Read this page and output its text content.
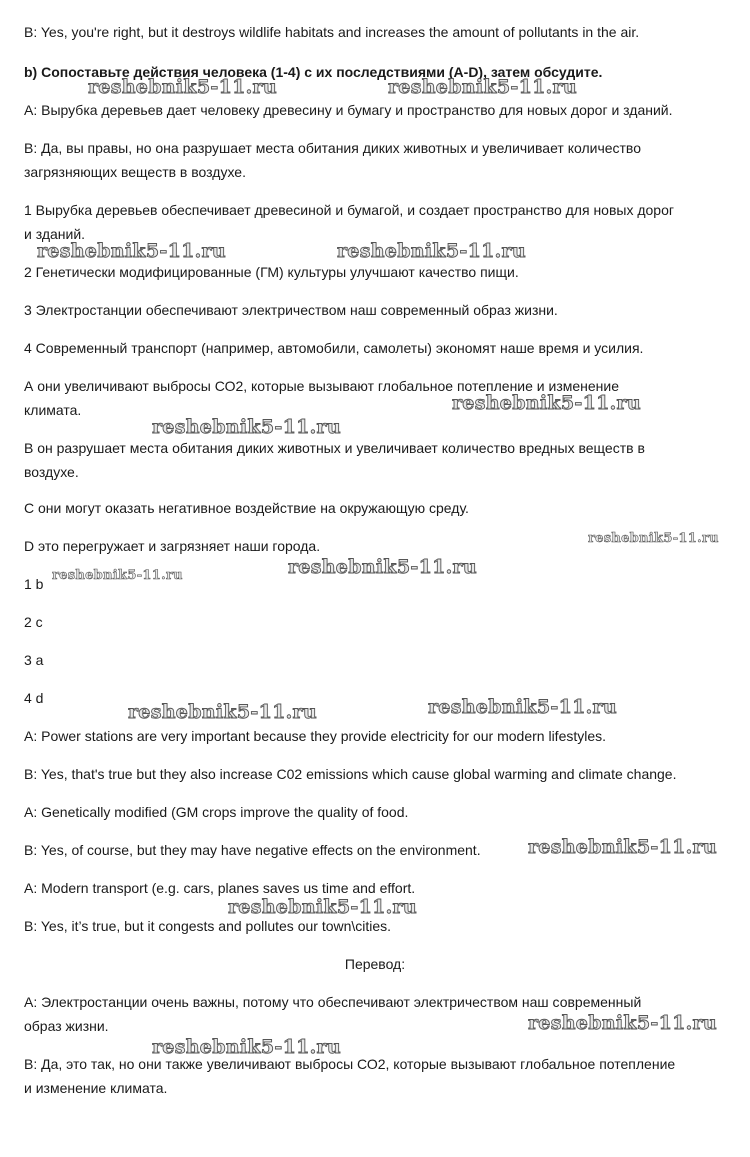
B: Yes, you're right, but it destroys wildlife habitats and increases the amount of pollutants in the air.
b) Сопоставьте действия человека (1-4) с их последствиями (A-D), затем обсудите.
А: Вырубка деревьев дает человеку древесину и бумагу и пространство для новых дорог и зданий.
В: Да, вы правы, но она разрушает места обитания диких животных и увеличивает количество
загрязняющих веществ в воздухе.
1 Вырубка деревьев обеспечивает древесиной и бумагой, и создает пространство для новых дорог
и зданий.
2 Генетически модифицированные (ГМ) культуры улучшают качество пищи.
3 Электростанции обеспечивают электричеством наш современный образ жизни.
4 Современный транспорт (например, автомобили, самолеты) экономят наше время и усилия.
А они увеличивают выбросы СО2, которые вызывают глобальное потепление и изменение
климата.
В он разрушает места обитания диких животных и увеличивает количество вредных веществ в
воздухе.
С они могут оказать негативное воздействие на окружающую среду.
D это перегружает и загрязняет наши города.
1 b
2 c
3 a
4 d
A: Power stations are very important because they provide electricity for our modern lifestyles.
B: Yes, that's true but they also increase C02 emissions which cause global warming and climate change.
A: Genetically modified (GM crops improve the quality of food.
B: Yes, of course, but they may have negative effects on the environment.
A: Modern transport (e.g. cars, planes saves us time and effort.
B: Yes, it’s true, but it congests and pollutes our town\cities.
Перевод:
А: Электростанции очень важны, потому что обеспечивают электричеством наш современный
образ жизни.
В: Да, это так, но они также увеличивают выбросы СО2, которые вызывают глобальное потепление
и изменение климата.
reshebnik5-11.ru	reshebnik5-11.ru
reshebnik5-11.ru	reshebnik5-11.ru
reshebnik5-11.ru
reshebnik5-11.ru
reshebnik5-11.ru
reshebnik5-11.ru
reshebnik5-11.ru
reshebnik5-11.ru
reshebnik5-11.ru
reshebnik5-11.ru
reshebnik5-11.ru
reshebnik5-11.ru
reshebnik5-11.ru
